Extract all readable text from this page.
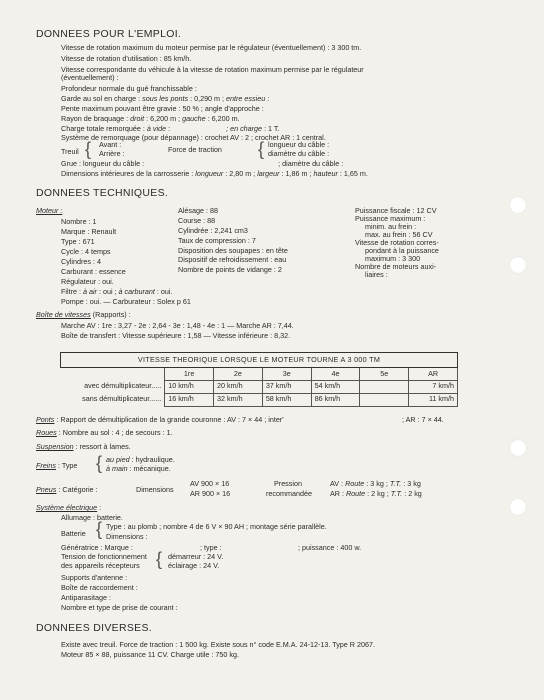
DONNEES POUR L'EMPLOI.
Vitesse de rotation maximum du moteur permise par le régulateur (éventuellement) : 3 300 tm.
Vitesse de rotation d'utilisation : 85 km/h.
Vitesse correspondante du véhicule à la vitesse de rotation maximum permise par le régulateur
(éventuellement) :
Profondeur normale du gué franchissable :
Garde au sol en charge : sous les ponts : 0,290 m ; entre essieu :
Pente maximum pouvant être gravie : 50 % ; angle d'approche :
Rayon de braquage : droit : 6,200 m ; gauche : 6,200 m.
Charge totale remorquée : à vide :	; en charge : 1 T.
Système de remorquage (pour dépannage) : crochet AV : 2 ; crochet AR : 1 central.
Treuil { Avant :
Arrière :	Force de traction { longueur du câble :
diamètre du câble :
Grue : longueur du câble :	; diamètre du câble :
Dimensions intérieures de la carrosserie : longueur : 2,80 m ; largeur : 1,86 m ; hauteur : 1,65 m.
DONNEES TECHNIQUES.
Moteur :
Nombre : 1
Marque : Renault
Type : 671
Cycle : 4 temps
Cylindres : 4
Carburant : essence
Régulateur : oui.
Filtre : à air : oui ; à carburant : oui.
Pompe : oui. — Carburateur : Solex p 61
Alésage : 88
Course : 88
Cylindrée : 2,241 cm3
Taux de compression : 7
Disposition des soupapes : en tête
Dispositif de refroidissement : eau
Nombre de points de vidange : 2
Puissance fiscale : 12 CV
Puissance maximum :
minim. au frein :
max. au frein : 56 CV
Vitesse de rotation corres-
pondant à la puissance
maximum : 3 300
Nombre de moteurs auxi-
liaires :
Boîte de vitesses (Rapports) :
Marche AV : 1re : 3,27 - 2e : 2,64 - 3e : 1,48 - 4e : 1 — Marche AR : 7,44.
Boîte de transfert : Vitesse supérieure : 1,58 — Vitesse inférieure : 8,32.
VITESSE THEORIQUE LORSQUE LE MOTEUR TOURNE A 3 000 TM						
	1re	2e	3e	4e	5e	AR
avec démultiplicateur.....	10 km/h	20 km/h	37 km/h	54 km/h		7 km/h
sans démultiplicateur......	16 km/h	32 km/h	58 km/h	86 km/h		11 km/h
Ponts : Rapport de démultiplication de la grande couronne : AV : 7 × 44 ; inter'	; AR : 7 × 44.
Roues : Nombre au sol : 4 ; de secours : 1.
Suspension : ressort à lames.
Freins : Type { au pied : hydraulique.
à main : mécanique.
Pneus : Catégorie :	Dimensions
AV 900 × 16
AR 900 × 16
Pression
recommandée
AV : Route : 3 kg ; T.T. : 3 kg
AR : Route : 2 kg ; T.T. : 2 kg
Système électrique :
Allumage : batterie.
Batterie { Type : au plomb ; nombre 4 de 6 V × 90 AH ; montage série parallèle.
Dimensions :
Génératrice : Marque :	; type :	; puissance : 400 w.
Tension de fonctionnement
des appareils récepteurs { démarreur : 24 V.
éclairage : 24 V.
Supports d'antenne :
Boîte de raccordement :
Antiparasitage :
Nombre et type de prise de courant :
DONNEES DIVERSES.
Existe avec treuil. Force de traction : 1 500 kg. Existe sous n° code E.M.A. 24-12-13. Type R 2067.
Moteur 85 × 88, puissance 11 CV. Charge utile : 750 kg.
